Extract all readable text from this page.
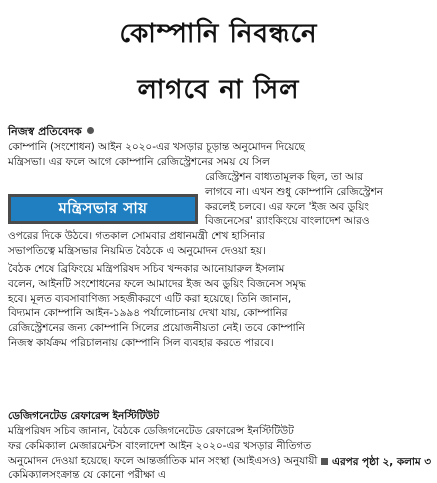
কোম্পানি নিবন্ধনে
লাগবে না সিল
নিজস্ব প্রতিবেদক
কোম্পানি (সংশোধন) আইন ২০২০-এর খসড়ার চূড়ান্ত অনুমোদন দিয়েছে
মন্ত্রিসভা। এর ফলে আগে কোম্পানি রেজিস্ট্রেশনের সময় যে সিল
মন্ত্রিসভার সায়
রেজিস্ট্রেশন বাধ্যতামূলক ছিল, তা আর
লাগবে না। এখন শুধু কোম্পানি রেজিস্ট্রেশন
করলেই চলবে। এর ফলে 'ইজ অব ডুয়িং
বিজনেসের' র‍্যাংকিংয়ে বাংলাদেশ আরও
ওপরের দিকে উঠবে। গতকাল সোমবার প্রধানমন্ত্রী শেখ হাসিনার
সভাপতিত্বে মন্ত্রিসভার নিয়মিত বৈঠকে এ অনুমোদন দেওয়া হয়।
বৈঠক শেষে ব্রিফিংয়ে মন্ত্রিপরিষদ সচিব খন্দকার আনোয়ারুল ইসলাম
বলেন, আইনটি সংশোধনের ফলে আমাদের ইজ অব ডুয়িং বিজনেস সমৃদ্ধ
হবে। মূলত ব্যবসাবাণিজ্য সহজীকরণে এটি করা হয়েছে। তিনি জানান,
বিদ্যমান কোম্পানি আইন-১৯৯৪ পর্যালোচনায় দেখা যায়, কোম্পানির
রেজিস্ট্রেশনের জন্য কোম্পানি সিলের প্রয়োজনীয়তা নেই। তবে কোম্পানি
নিজস্ব কার্যক্রম পরিচালনায় কোম্পানি সিল ব্যবহার করতে পারবে।
ডেজিগনেটেড রেফারেন্স ইনস্টিটিউট
মন্ত্রিপরিষদ সচিব জানান, বৈঠকে ডেজিগনেটেড রেফারেন্স ইনস্টিটিউট
ফর কেমিক্যাল মেজারমেন্টস বাংলাদেশ আইন ২০২০-এর খসড়ার নীতিগত
অনুমোদন দেওয়া হয়েছে। ফলে আন্তর্জাতিক মান সংস্থা (আইএসও) অনুযায়ী
কেমিক্যালসংক্রান্ত যে কোনো পরীক্ষা এ
এরপর পৃষ্ঠা ২, কলাম ৩
